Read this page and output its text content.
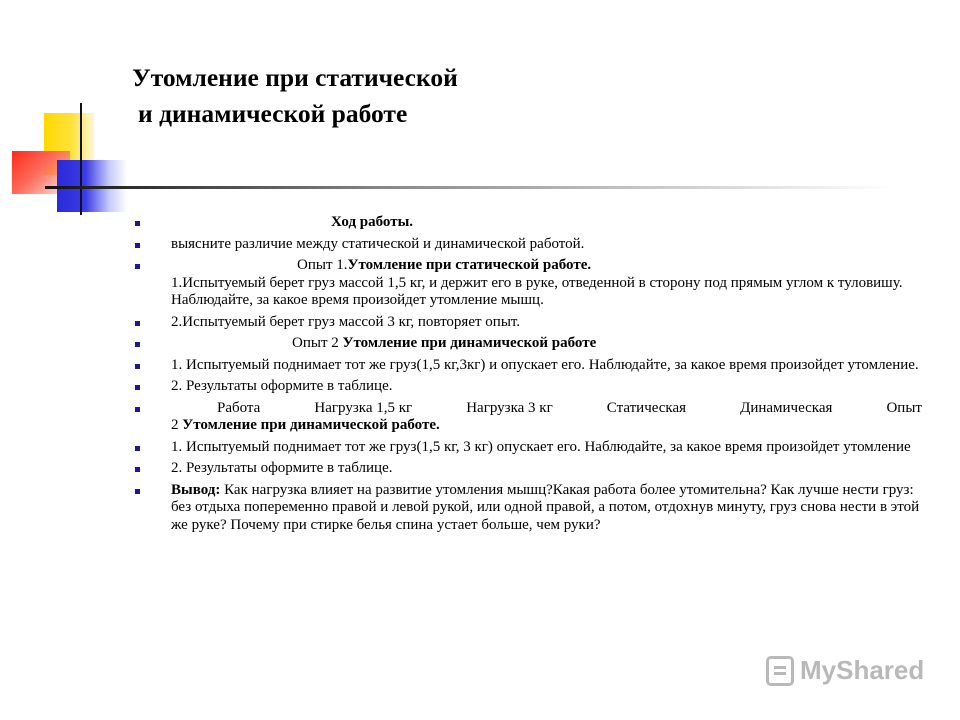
Утомление при статической
и динамической работе
Ход работы.
выясните различие между статической и динамической работой.
Опыт 1.Утомление при статической работе.
1.Испытуемый берет груз массой 1,5 кг, и держит его в руке, отведенной в сторону под прямым углом к туловишу. Наблюдайте, за какое время произойдет утомление мышц.
2.Испытуемый берет груз массой 3 кг, повторяет опыт.
Опыт 2 Утомление при динамической работе
1. Испытуемый поднимает тот же груз(1,5 кг,3кг) и опускает его. Наблюдайте, за какое время произойдет утомление.
2. Результаты оформите в таблице.
Работа	Нагрузка 1,5 кг	Нагрузка 3 кг	Статическая	Динамическая	Опыт
2 Утомление при динамической работе.
1. Испытуемый поднимает тот же груз(1,5 кг, 3 кг) опускает его. Наблюдайте, за какое время произойдет утомление
2. Результаты оформите в таблице.
Вывод: Как нагрузка влияет на развитие утомления мышц?Какая работа более утомительна? Как лучше нести груз: без отдыха попеременно правой и левой рукой, или одной правой, а потом, отдохнув минуту, груз снова нести в этой же руке? Почему при стирке белья спина устает больше, чем руки?
MyShared
